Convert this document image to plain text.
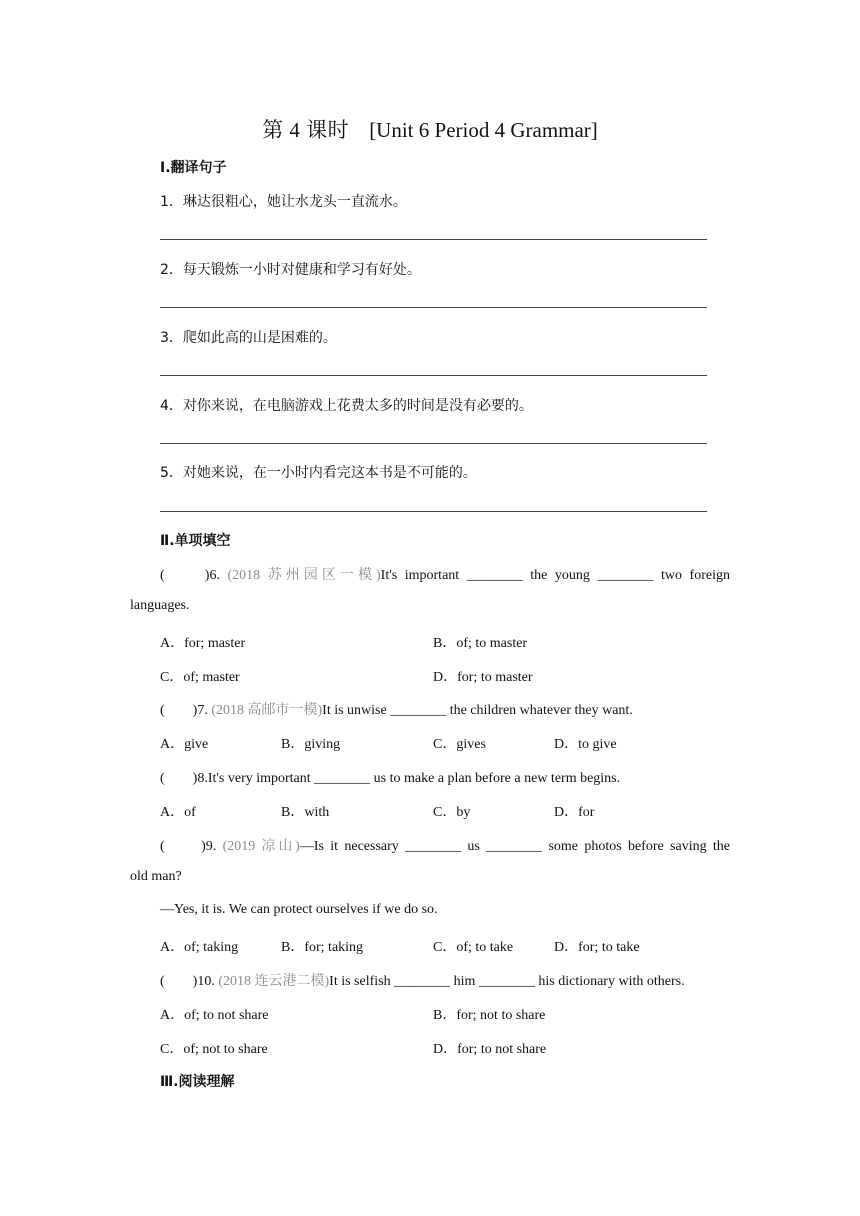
第 4 课时 [Unit 6 Period 4 Grammar]
Ⅰ.翻译句子
1．琳达很粗心，她让水龙头一直流水。
2．每天锻炼一小时对健康和学习有好处。
3．爬如此高的山是困难的。
4．对你来说，在电脑游戏上花费太多的时间是没有必要的。
5．对她来说，在一小时内看完这本书是不可能的。
Ⅱ.单项填空
(　　)6. (2018 苏州园区一模)It's important ________ the young ________ two foreign
languages.
A．for; master	B．of; to master
C．of; master	D．for; to master
(　　)7. (2018 高邮市一模)It is unwise ________ the children whatever they want.
A．give	B．giving	C．gives	D．to give
(　　)8.It's very important ________ us to make a plan before a new term begins.
A．of	B．with	C．by	D．for
(　　)9. (2019 凉山)—Is it necessary ________ us ________ some photos before saving the
old man?
—Yes, it is. We can protect ourselves if we do so.
A．of; taking	B．for; taking	C．of; to take	D．for; to take
(　　)10. (2018 连云港二模)It is selfish ________ him ________ his dictionary with others.
A．of; to not share	B．for; not to share
C．of; not to share	D．for; to not share
Ⅲ.阅读理解
